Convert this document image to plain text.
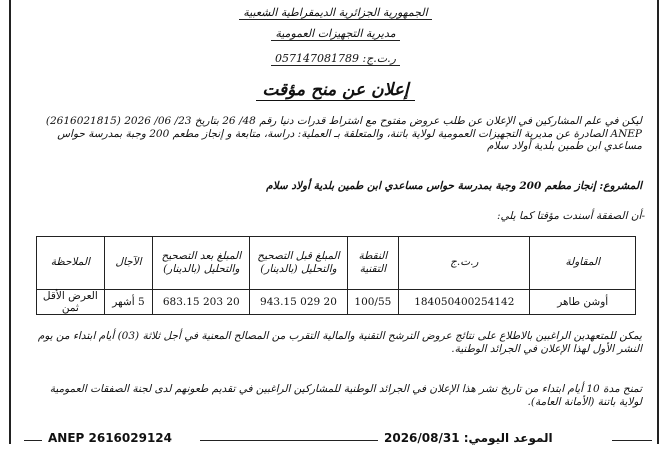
الجمهورية الجزائرية الديمقراطية الشعبية
مديرية التجهيزات العمومية
ر.ت.ج: 057147081789
إعلان عن منح مؤقت
ليكن في علم المشاركين في الإعلان عن طلب عروض مفتوح مع اشتراط قدرات دنيا رقم 48/ 26 بتاريخ 23/ 06/ 2026 (2616021815) ANEP الصادرة عن مديرية التجهيزات العمومية لولاية باتنة، والمتعلقة بـ العملية: دراسة، متابعة و إنجاز مطعم 200 وجبة بمدرسة حواس مساعدي ابن طمين بلدية أولاد سلام
المشروع: إنجاز مطعم 200 وجبة بمدرسة حواس مساعدي ابن طمين بلدية أولاد سلام
-أن الصفقة أسندت مؤقتا كما يلي:
المقاولة	ر.ت.ج	النقطة التقنية	المبلغ قبل التصحيح والتحليل (بالدينار)	المبلغ بعد التصحيح والتحليل (بالدينار)	الآجال	الملاحظة
أوشن طاهر	184050400254142	100/55	20 029 943.15	20 203 683.15	5 أشهر	العرض الأقل ثمن
يمكن للمتعهدين الراغبين بالاطلاع على نتائج عروض الترشح التقنية والمالية التقرب من المصالح المعنية في أجل ثلاثة (03) أيام ابتداء من يوم النشر الأول لهذا الإعلان في الجرائد الوطنية.
تمنح مدة 10 أيام ابتداء من تاريخ نشر هذا الإعلان في الجرائد الوطنية للمشاركين الراغبين في تقديم طعونهم لدى لجنة الصفقات العمومية لولاية باتنة (الأمانة العامة).
ANEP 2616029124	الموعد اليومي: 2026/08/31
